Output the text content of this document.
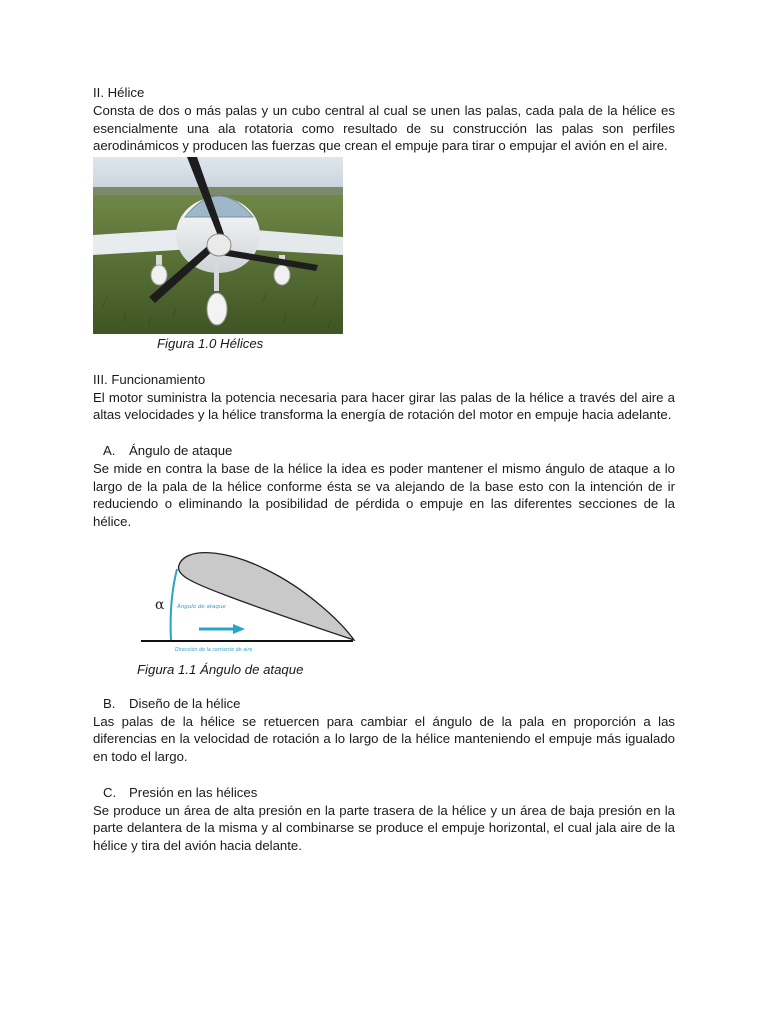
II. Hélice

Consta de dos o más palas y un cubo central al cual se unen las palas, cada pala de la hélice es esencialmente una ala rotatoria como resultado de su construcción las palas son perfiles aerodinámicos y producen las fuerzas que crean el empuje para tirar o empujar el avión en el aire.

Figura 1.0 Hélices
III. Funcionamiento

El motor suministra la potencia necesaria para hacer girar las palas de la hélice a través del aire a altas velocidades y la hélice transforma la energía de rotación del motor en empuje hacia adelante.

A. Ángulo de ataque

Se mide en contra la base de la hélice la idea es poder mantener el mismo ángulo de ataque a lo largo de la pala de la hélice conforme ésta se va alejando de la base esto con la intención de ir reduciendo o eliminando la posibilidad de pérdida o empuje en las diferentes secciones de la hélice.

α Ángulo de ataque
Dirección de la corriente de aire
Figura 1.1 Ángulo de ataque
B. Diseño de la hélice

Las palas de la hélice se retuercen para cambiar el ángulo de la pala en proporción a las diferencias en la velocidad de rotación a lo largo de la hélice manteniendo el empuje más igualado en todo el largo.

C. Presión en las hélices

Se produce un área de alta presión en la parte trasera de la hélice y un área de baja presión en la parte delantera de la misma y al combinarse se produce el empuje horizontal, el cual jala aire de la hélice y tira del avión hacia delante.
